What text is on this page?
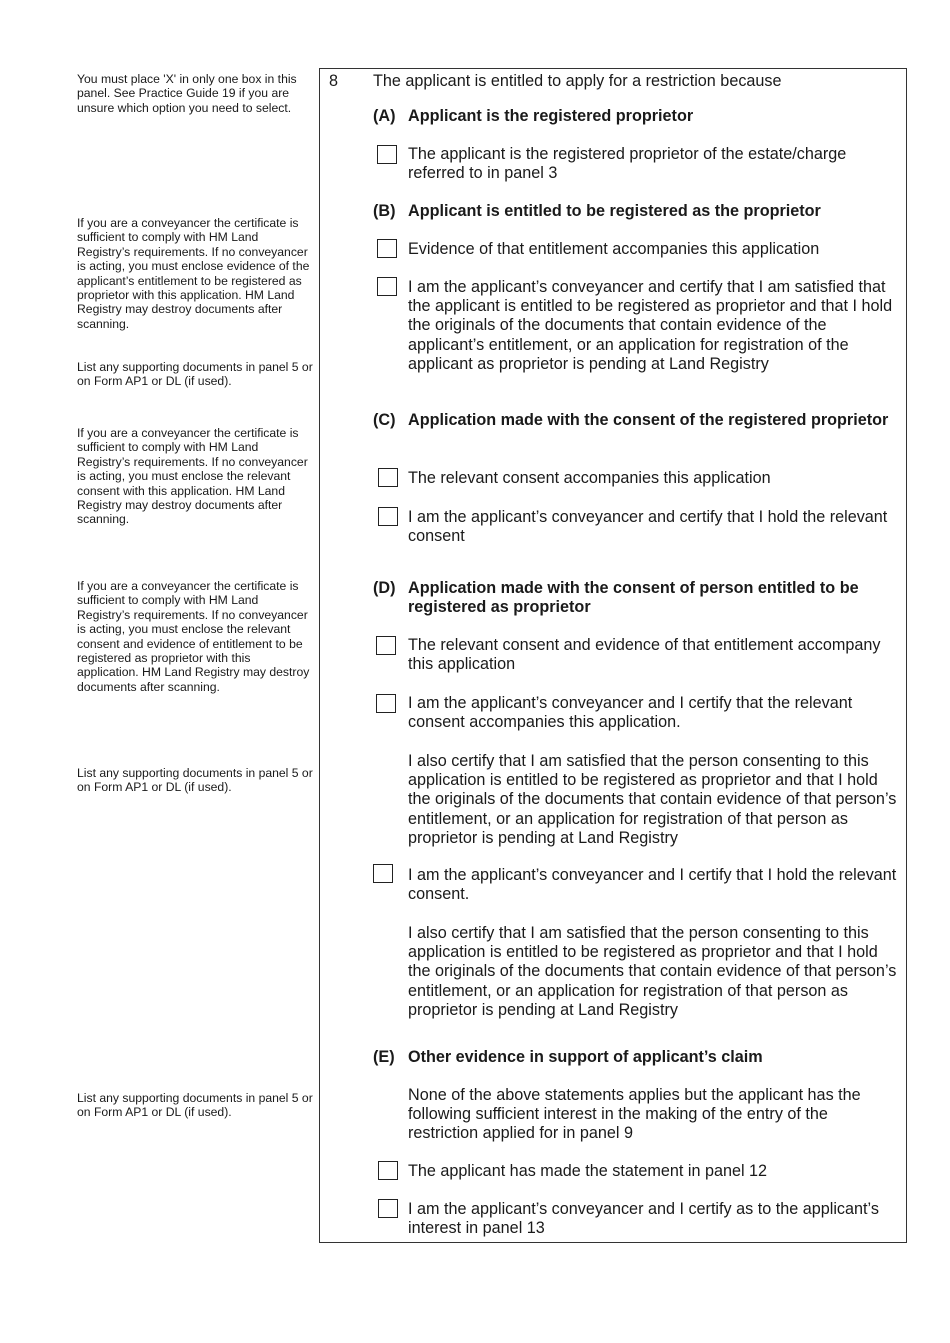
You must place 'X' in only one box in this panel. See Practice Guide 19 if you are unsure which option you need to select.
If you are a conveyancer the certificate is sufficient to comply with HM Land Registry’s requirements. If no conveyancer is acting, you must enclose evidence of the applicant’s entitlement to be registered as proprietor with this application. HM Land Registry may destroy documents after scanning.
List any supporting documents in panel 5 or on Form AP1 or DL (if used).
If you are a conveyancer the certificate is sufficient to comply with HM Land Registry’s requirements. If no conveyancer is acting, you must enclose the relevant consent with this application. HM Land Registry may destroy documents after scanning.
If you are a conveyancer the certificate is sufficient to comply with HM Land Registry’s requirements. If no conveyancer is acting, you must enclose the relevant consent and evidence of entitlement to be registered as proprietor with this application. HM Land Registry may destroy documents after scanning.
List any supporting documents in panel 5 or on Form AP1 or DL (if used).
List any supporting documents in panel 5 or on Form AP1 or DL (if used).
8 The applicant is entitled to apply for a restriction because
(A) Applicant is the registered proprietor
The applicant is the registered proprietor of the estate/charge referred to in panel 3
(B) Applicant is entitled to be registered as the proprietor
Evidence of that entitlement accompanies this application
I am the applicant’s conveyancer and certify that I am satisfied that the applicant is entitled to be registered as proprietor and that I hold the originals of the documents that contain evidence of the applicant’s entitlement, or an application for registration of the applicant as proprietor is pending at Land Registry
(C) Application made with the consent of the registered proprietor
The relevant consent accompanies this application
I am the applicant’s conveyancer and certify that I hold the relevant consent
(D) Application made with the consent of person entitled to be registered as proprietor
The relevant consent and evidence of that entitlement accompany this application
I am the applicant’s conveyancer and I certify that the relevant consent accompanies this application.
I also certify that I am satisfied that the person consenting to this application is entitled to be registered as proprietor and that I hold the originals of the documents that contain evidence of that person’s entitlement, or an application for registration of that person as proprietor is pending at Land Registry
I am the applicant’s conveyancer and I certify that I hold the relevant consent.
I also certify that I am satisfied that the person consenting to this application is entitled to be registered as proprietor and that I hold the originals of the documents that contain evidence of that person’s entitlement, or an application for registration of that person as proprietor is pending at Land Registry
(E) Other evidence in support of applicant’s claim
None of the above statements applies but the applicant has the following sufficient interest in the making of the entry of the restriction applied for in panel 9
The applicant has made the statement in panel 12
I am the applicant’s conveyancer and I certify as to the applicant’s interest in panel 13
